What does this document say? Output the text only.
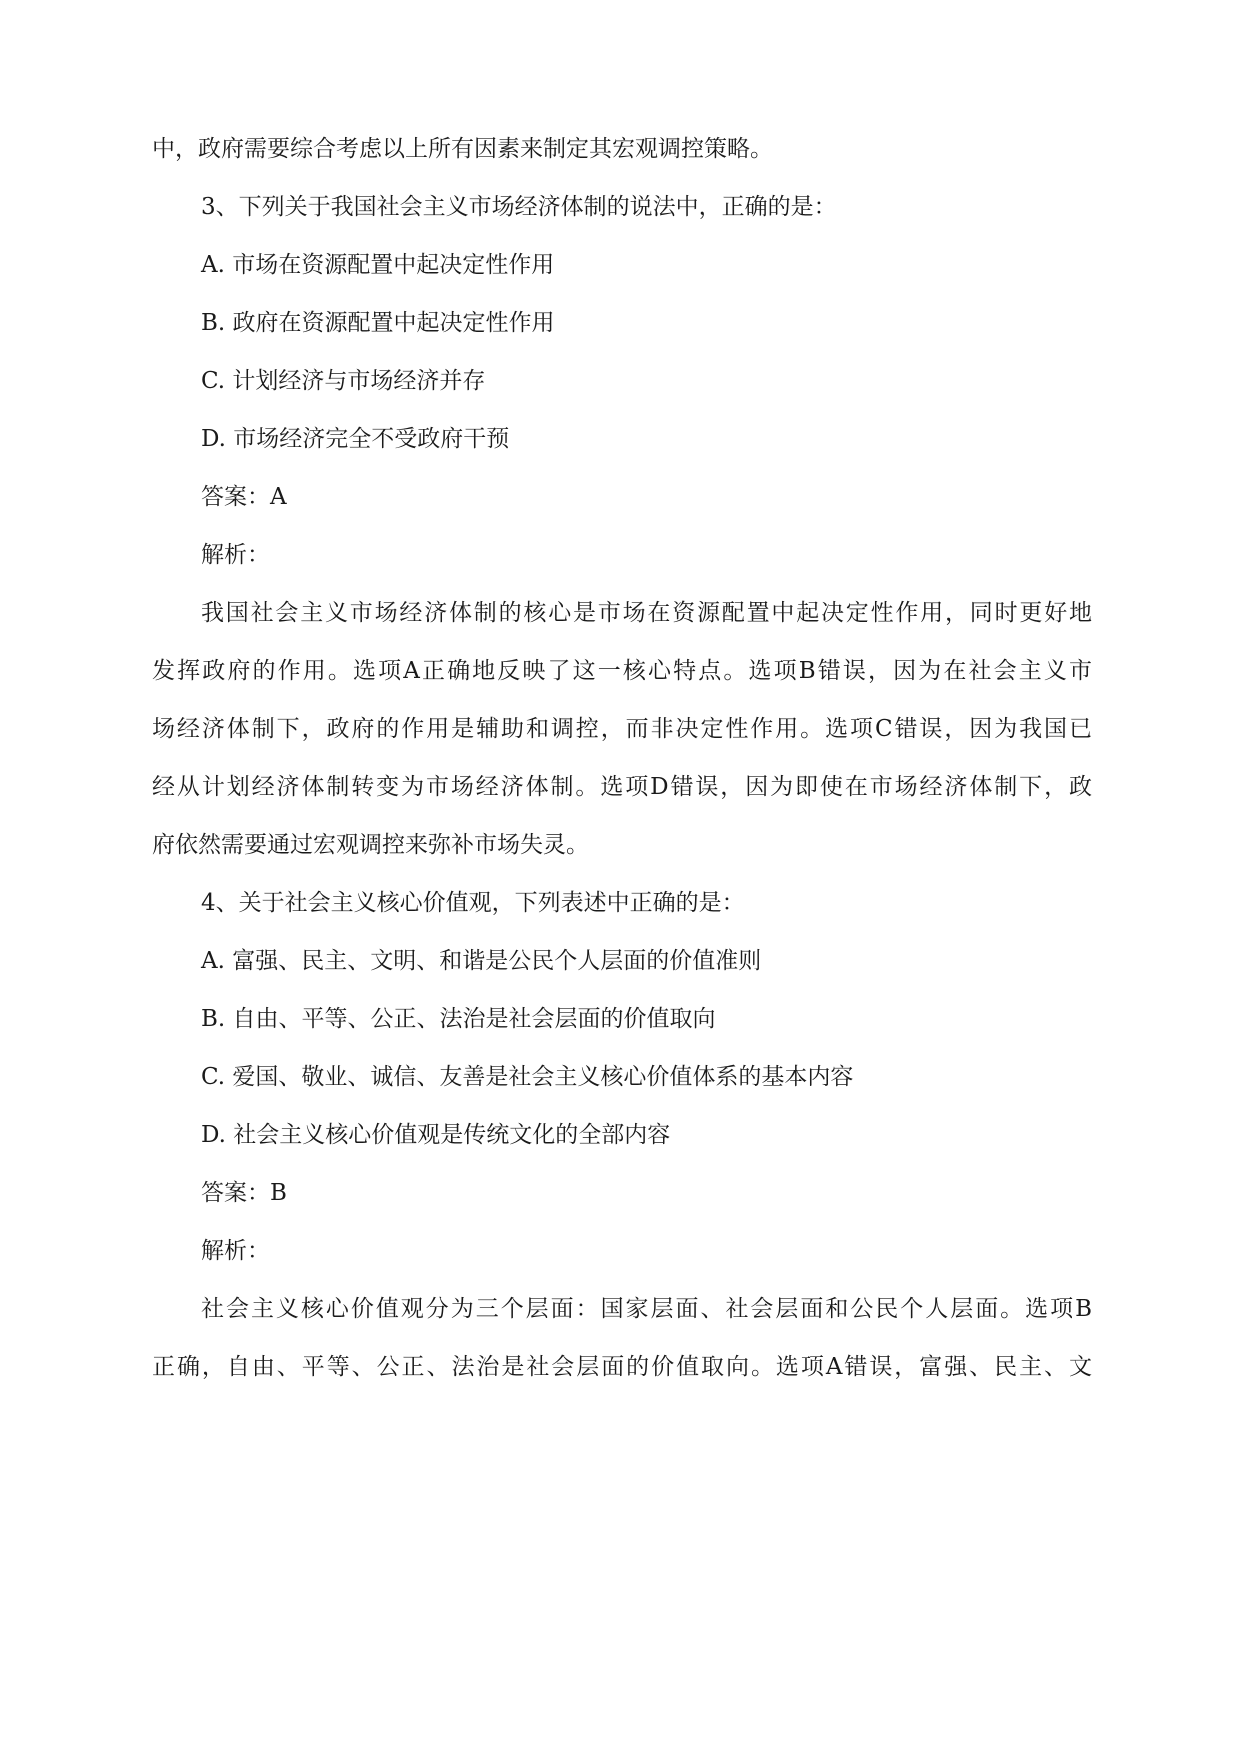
中，政府需要综合考虑以上所有因素来制定其宏观调控策略。

3、下列关于我国社会主义市场经济体制的说法中，正确的是：

A. 市场在资源配置中起决定性作用

B. 政府在资源配置中起决定性作用

C. 计划经济与市场经济并存

D. 市场经济完全不受政府干预

答案：A

解析：

我国社会主义市场经济体制的核心是市场在资源配置中起决定性作用，同时更好地

发挥政府的作用。选项A正确地反映了这一核心特点。选项B错误，因为在社会主义市

场经济体制下，政府的作用是辅助和调控，而非决定性作用。选项C错误，因为我国已

经从计划经济体制转变为市场经济体制。选项D错误，因为即使在市场经济体制下，政

府依然需要通过宏观调控来弥补市场失灵。

4、关于社会主义核心价值观，下列表述中正确的是：

A. 富强、民主、文明、和谐是公民个人层面的价值准则

B. 自由、平等、公正、法治是社会层面的价值取向

C. 爱国、敬业、诚信、友善是社会主义核心价值体系的基本内容

D. 社会主义核心价值观是传统文化的全部内容

答案：B

解析：

社会主义核心价值观分为三个层面：国家层面、社会层面和公民个人层面。选项B

正确，自由、平等、公正、法治是社会层面的价值取向。选项A错误，富强、民主、文
